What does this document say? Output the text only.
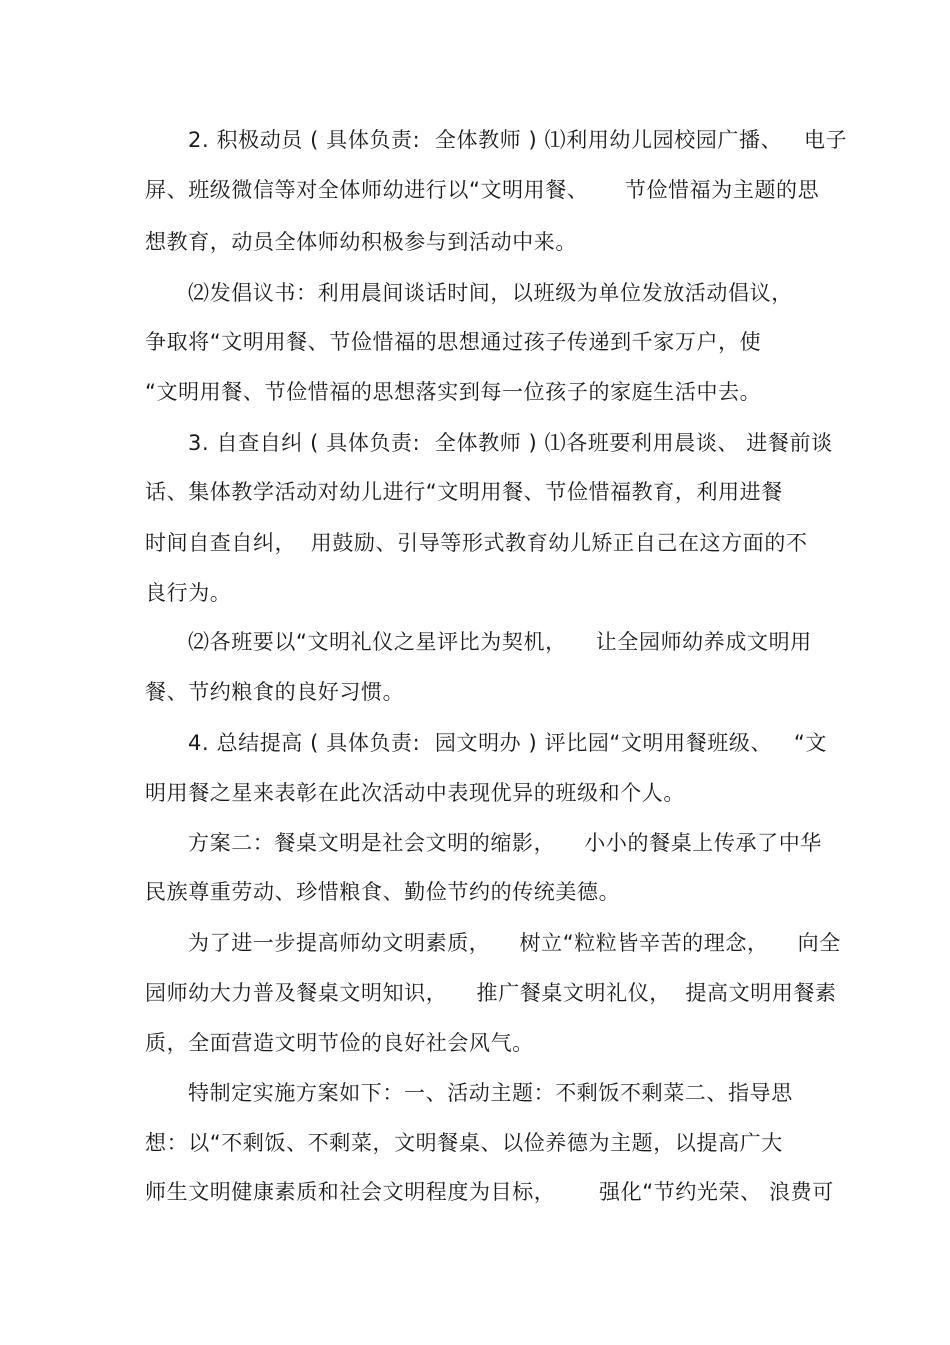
2. 积极动员 ( 具体负责:  全体教师 ) ⑴利用幼儿园校园广播、   电子
屏、班级微信等对全体师幼进行以“文明用餐、     节俭惜福为主题的思
想教育，动员全体师幼积极参与到活动中来。
⑵发倡议书：利用晨间谈话时间，以班级为单位发放活动倡议，
争取将“文明用餐、节俭惜福的思想通过孩子传递到千家万户，使
“文明用餐、节俭惜福的思想落实到每一位孩子的家庭生活中去。
3. 自查自纠 ( 具体负责:  全体教师 ) ⑴各班要利用晨谈、 进餐前谈
话、集体教学活动对幼儿进行“文明用餐、节俭惜福教育，利用进餐
时间自查自纠，  用鼓励、引导等形式教育幼儿矫正自己在这方面的不
良行为。
⑵各班要以“文明礼仪之星评比为契机，    让全园师幼养成文明用
餐、节约粮食的良好习惯。
4. 总结提高 ( 具体负责:  园文明办 ) 评比园“文明用餐班级、   “文
明用餐之星来表彰在此次活动中表现优异的班级和个人。
方案二：餐桌文明是社会文明的缩影，    小小的餐桌上传承了中华
民族尊重劳动、珍惜粮食、勤俭节约的传统美德。
为了进一步提高师幼文明素质，    树立“粒粒皆辛苦的理念，    向全
园师幼大力普及餐桌文明知识，    推广餐桌文明礼仪，  提高文明用餐素
质，全面营造文明节俭的良好社会风气。
特制定实施方案如下：一、活动主题：不剩饭不剩菜二、指导思
想：以“不剩饭、不剩菜，文明餐桌、以俭养德为主题，以提高广大
师生文明健康素质和社会文明程度为目标，      强化“节约光荣、 浪费可
